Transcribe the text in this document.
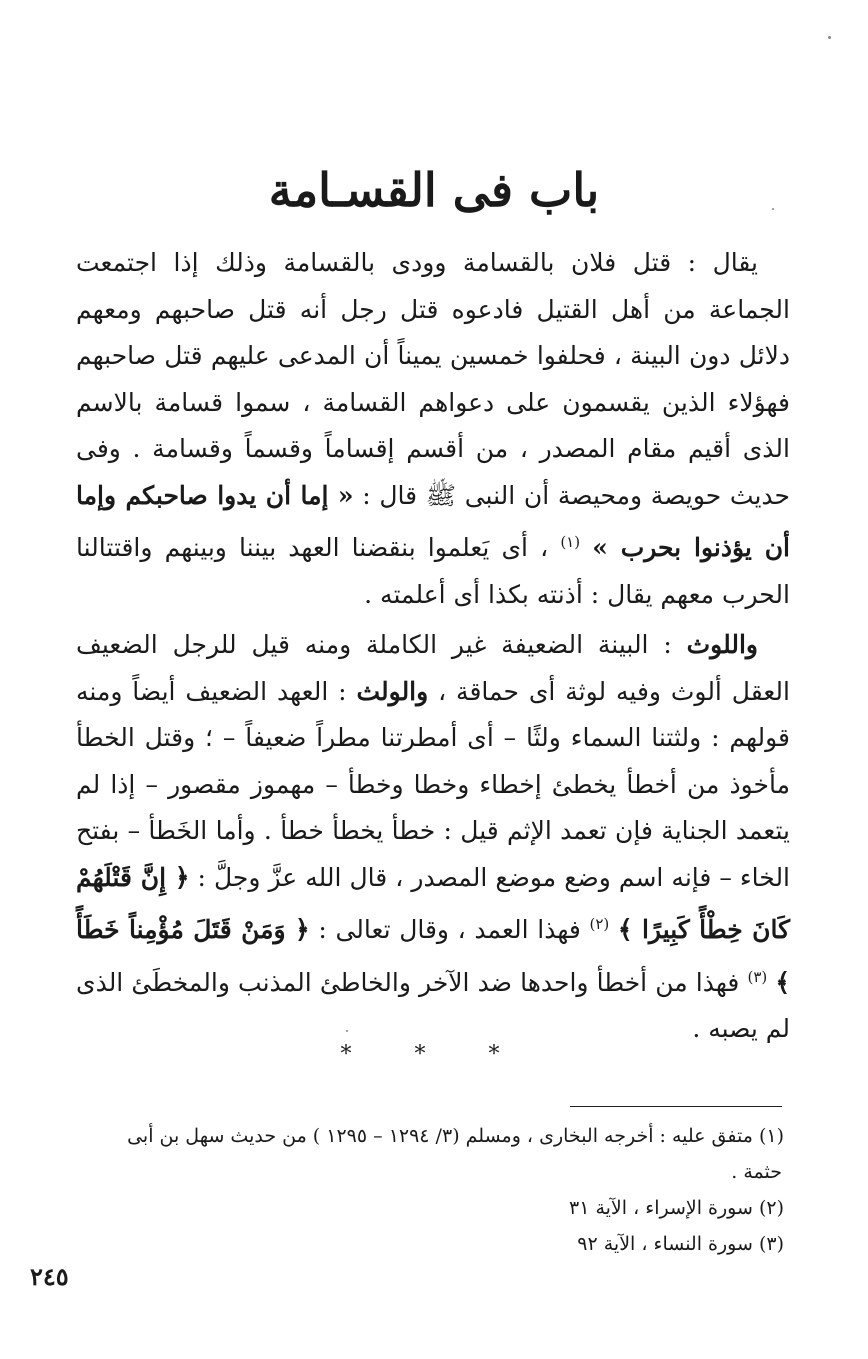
باب فى القسـامة

يقال : قتل فلان بالقسامة وودى بالقسامة وذلك إذا اجتمعت الجماعة من أهل القتيل فادعوه قتل رجل أنه قتل صاحبهم ومعهم دلائل دون البينة ، فحلفوا خمسين يميناً أن المدعى عليهم قتل صاحبهم فهؤلاء الذين يقسمون على دعواهم القسامة ، سموا قسامة بالاسم الذى أقيم مقام المصدر ، من أقسم إقساماً وقسماً وقسامة . وفى حديث حويصة ومحيصة أن النبى ﷺ قال : « إما أن يدوا صاحبكم وإما أن يؤذنوا بحرب » $^{(١)}$ ، أى يَعلموا بنقضنا العهد بيننا وبينهم واقتتالنا الحرب معهم يقال : أذنته بكذا أى أعلمته .

واللوث : البينة الضعيفة غير الكاملة ومنه قيل للرجل الضعيف العقل ألوث وفيه لوثة أى حماقة ، والولث : العهد الضعيف أيضاً ومنه قولهم : ولثتنا السماء ولثًا – أى أمطرتنا مطراً ضعيفاً – ؛ وقتل الخطأ مأخوذ من أخطأ يخطئ إخطاء وخطا وخطأ – مهموز مقصور – إذا لم يتعمد الجناية فإن تعمد الإثم قيل : خطأ يخطأ خطأ . وأما الخَطأ – بفتح الخاء – فإنه اسم وضع موضع المصدر ، قال الله عزَّ وجلَّ : ﴿ إِنَّ قَتْلَهُمْ كَانَ خِطْأً كَبِيرًا ﴾ $^{(٢)}$ فهذا العمد ، وقال تعالى : ﴿ وَمَنْ قَتَلَ مُؤْمِناً خَطَأً ﴾ $^{(٣)}$ فهذا من أخطأ واحدها ضد الآخر والخاطئ المذنب والمخطَئ الذى لم يصبه .

* * *

(١) متفق عليه : أخرجه البخارى ، ومسلم (٣/ ١٢٩٤ – ١٢٩٥ ) من حديث سهل بن أبى

حثمة .

(٢) سورة الإسراء ، الآية ٣١

(٣) سورة النساء ، الآية ٩٢

٢٤٥
